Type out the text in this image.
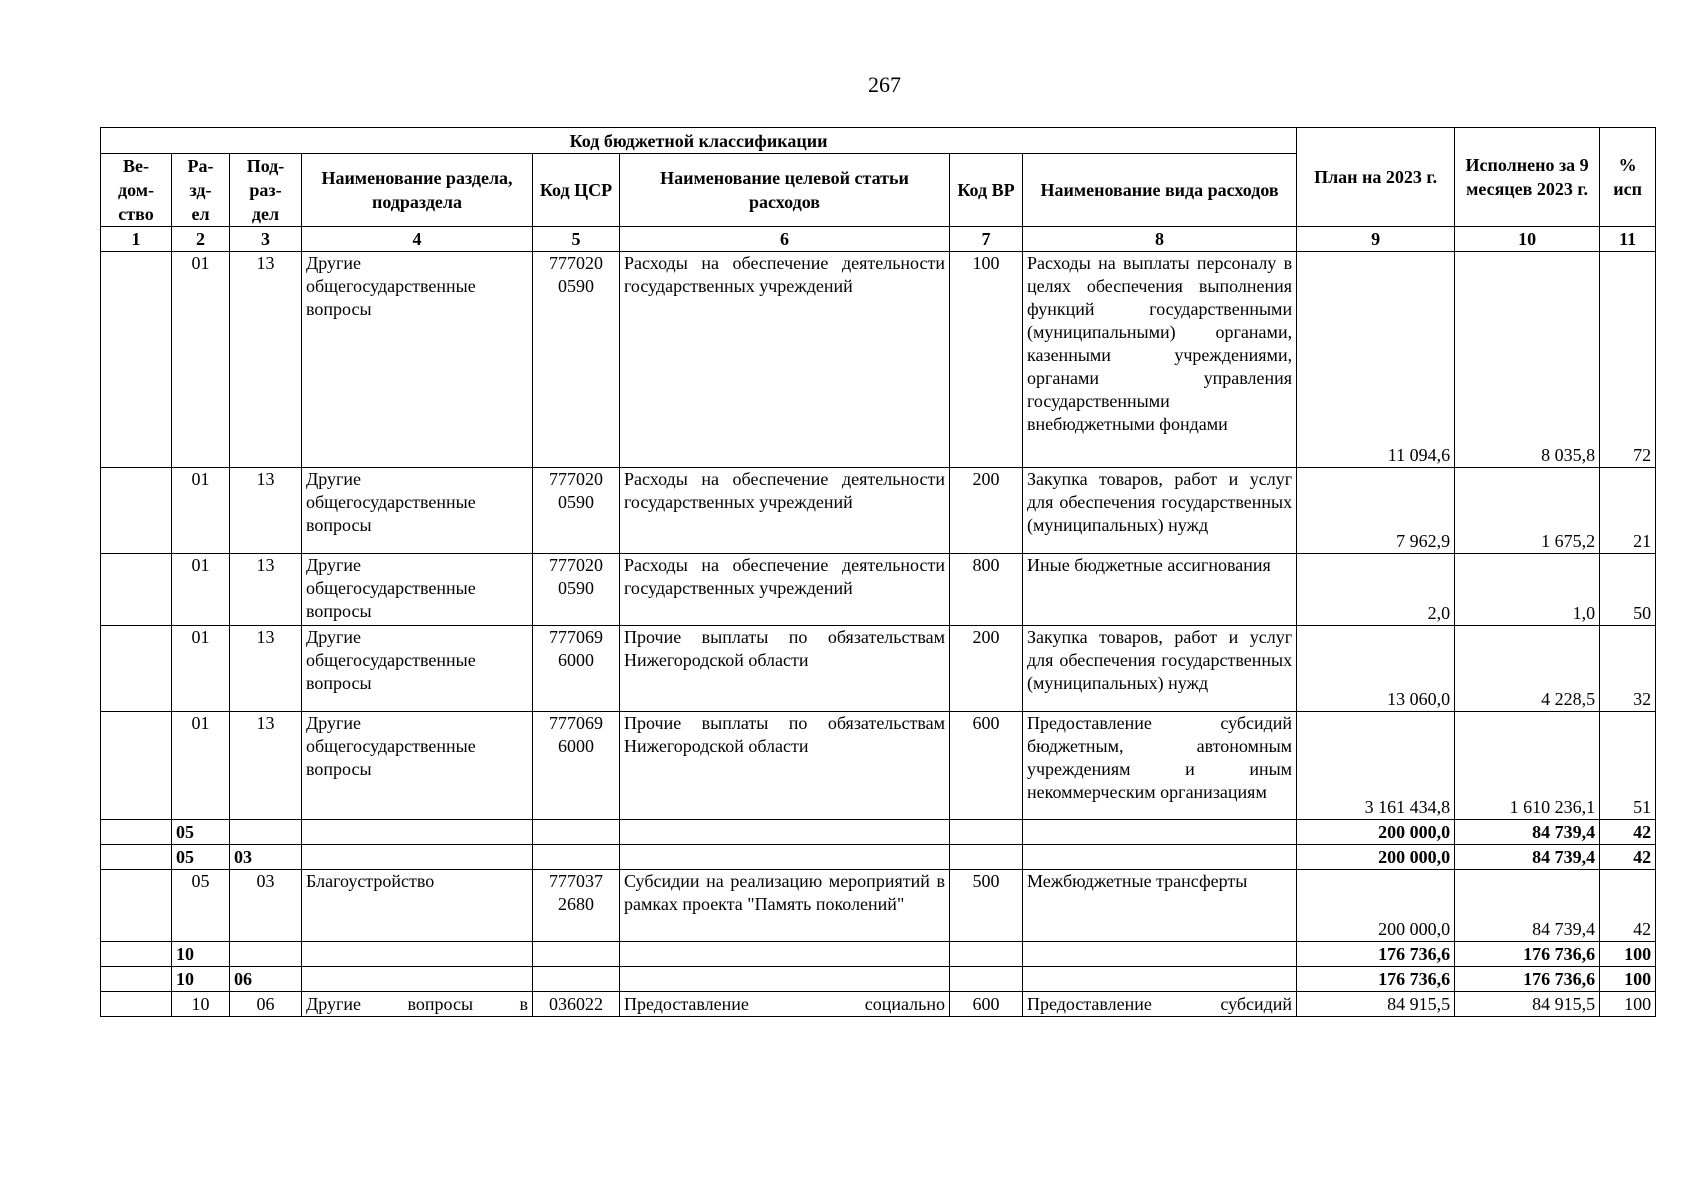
267
Код бюджетной классификации								План на 2023 г.	Исполнено за 9 месяцев 2023 г.	% исп
Ве-
дом-
ство	Ра-
зд-
ел	Под-
раз-
дел	Наименование раздела, подраздела	Код ЦСР	Наименование целевой статьи расходов	Код ВР	Наименование вида расходов			
1	2	3	4	5	6	7	8	9	10	11
	01	13	Другие общегосударственные вопросы	777020 0590	Расходы на обеспечение деятельности государственных учреждений	100	Расходы на выплаты персоналу в целях обеспечения выполнения функций государственными (муниципальными) органами, казенными учреждениями, органами управления государственными внебюджетными фондами	11 094,6	8 035,8	72
	01	13	Другие общегосударственные вопросы	777020 0590	Расходы на обеспечение деятельности государственных учреждений	200	Закупка товаров, работ и услуг для обеспечения государственных (муниципальных) нужд	7 962,9	1 675,2	21
	01	13	Другие общегосударственные вопросы	777020 0590	Расходы на обеспечение деятельности государственных учреждений	800	Иные бюджетные ассигнования	2,0	1,0	50
	01	13	Другие общегосударственные вопросы	777069 6000	Прочие выплаты по обязательствам Нижегородской области	200	Закупка товаров, работ и услуг для обеспечения государственных (муниципальных) нужд	13 060,0	4 228,5	32
	01	13	Другие общегосударственные вопросы	777069 6000	Прочие выплаты по обязательствам Нижегородской области	600	Предоставление субсидий бюджетным, автономным учреждениям и иным некоммерческим организациям	3 161 434,8	1 610 236,1	51
	05							200 000,0	84 739,4	42
	05	03						200 000,0	84 739,4	42
	05	03	Благоустройство	777037 2680	Субсидии на реализацию мероприятий в рамках проекта "Память поколений"	500	Межбюджетные трансферты	200 000,0	84 739,4	42
	10							176 736,6	176 736,6	100
	10	06						176 736,6	176 736,6	100
	10	06	Другие вопросы в	036022	Предоставление социально	600	Предоставление субсидий	84 915,5	84 915,5	100
